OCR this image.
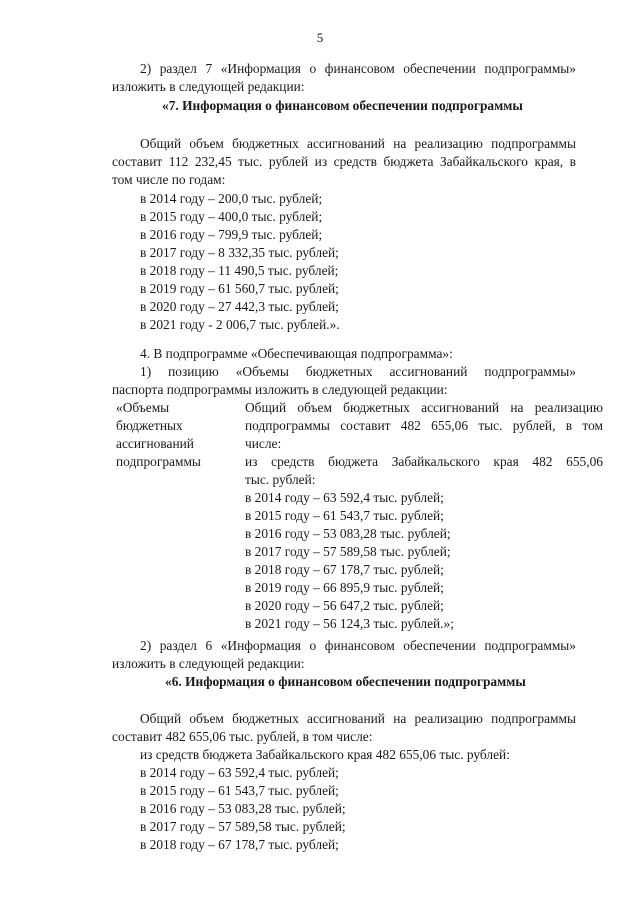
5
2) раздел 7 «Информация о финансовом обеспечении подпрограммы»
изложить в следующей редакции:
«7. Информация о финансовом обеспечении подпрограммы
Общий объем бюджетных ассигнований на реализацию подпрограммы
составит 112 232,45 тыс. рублей из средств бюджета Забайкальского края, в
том числе по годам:
в 2014 году – 200,0 тыс. рублей;
в 2015 году – 400,0 тыс. рублей;
в 2016 году – 799,9 тыс. рублей;
в 2017 году – 8 332,35 тыс. рублей;
в 2018 году – 11 490,5 тыс. рублей;
в 2019 году – 61 560,7 тыс. рублей;
в 2020 году – 27 442,3 тыс. рублей;
в 2021 году - 2 006,7 тыс. рублей.».
4. В подпрограмме «Обеспечивающая подпрограмма»:
1) позицию «Объемы бюджетных ассигнований подпрограммы»
паспорта подпрограммы изложить в следующей редакции:
«Объемы
бюджетных
ассигнований
подпрограммы
Общий объем бюджетных ассигнований на реализацию
подпрограммы составит 482 655,06 тыс. рублей, в том
числе:
из средств бюджета Забайкальского края 482 655,06
тыс. рублей:
в 2014 году – 63 592,4 тыс. рублей;
в 2015 году – 61 543,7 тыс. рублей;
в 2016 году – 53 083,28 тыс. рублей;
в 2017 году – 57 589,58 тыс. рублей;
в 2018 году – 67 178,7 тыс. рублей;
в 2019 году – 66 895,9 тыс. рублей;
в 2020 году – 56 647,2 тыс. рублей;
в 2021 году – 56 124,3 тыс. рублей.»;
2) раздел 6 «Информация о финансовом обеспечении подпрограммы»
изложить в следующей редакции:
«6. Информация о финансовом обеспечении подпрограммы
Общий объем бюджетных ассигнований на реализацию подпрограммы
составит 482 655,06 тыс. рублей, в том числе:
из средств бюджета Забайкальского края 482 655,06 тыс. рублей:
в 2014 году – 63 592,4 тыс. рублей;
в 2015 году – 61 543,7 тыс. рублей;
в 2016 году – 53 083,28 тыс. рублей;
в 2017 году – 57 589,58 тыс. рублей;
в 2018 году – 67 178,7 тыс. рублей;
